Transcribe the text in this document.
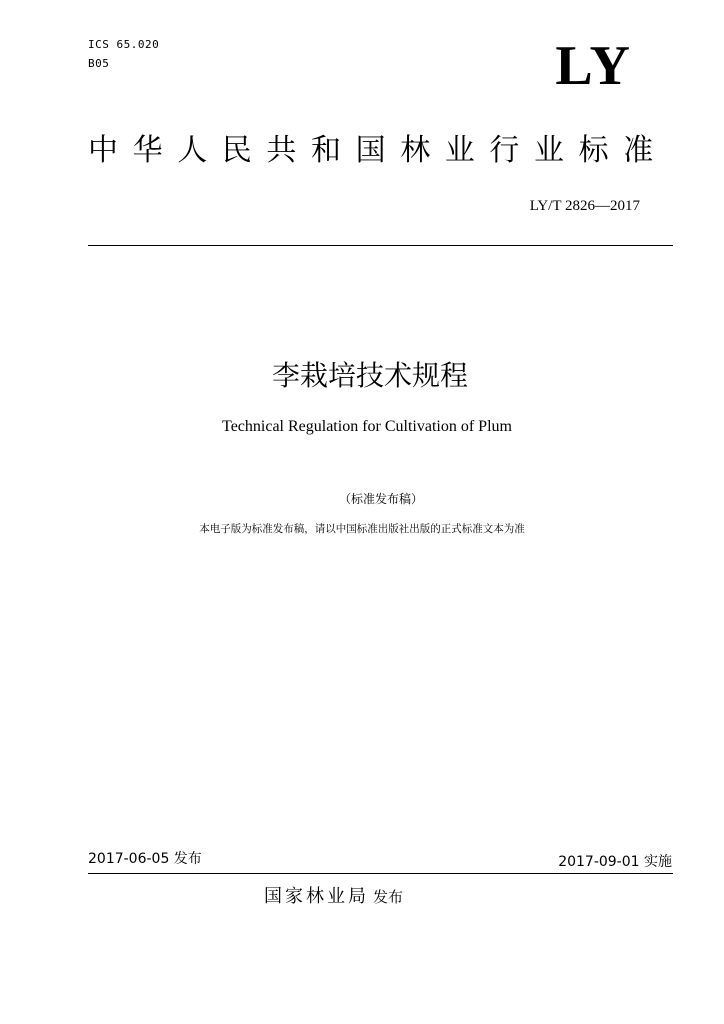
ICS 65.020
B05	LY
中华人民共和国林业行业标准
LY/T 2826—2017
李栽培技术规程
Technical Regulation for Cultivation of Plum
（标准发布稿）
本电子版为标准发布稿，请以中国标准出版社出版的正式标准文本为准
2017-06-05 发布	2017-09-01 实施
国家林业局 发布
